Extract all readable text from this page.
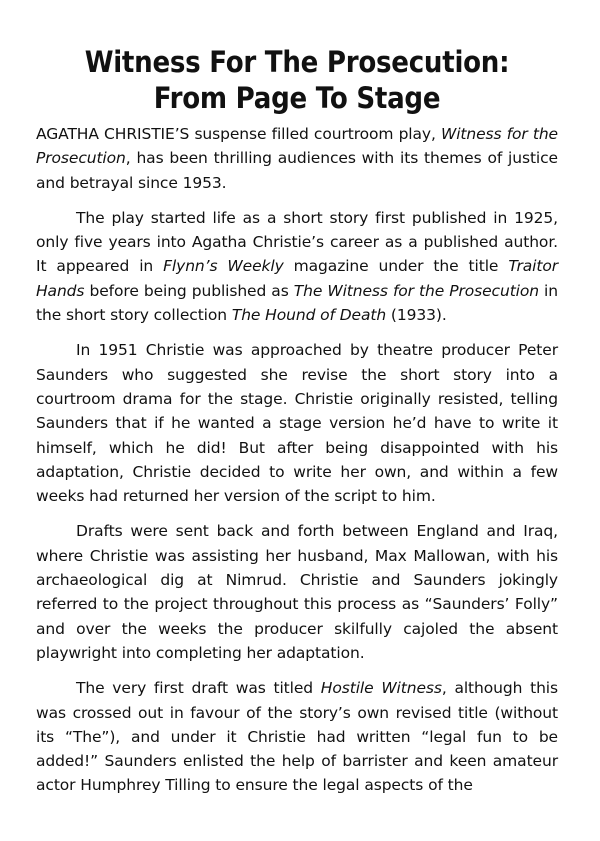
Witness For The Prosecution:
From Page To Stage

AGATHA CHRISTIE’S suspense filled courtroom play, Witness for the Prosecution, has been thrilling audiences with its themes of justice and betrayal since 1953.

The play started life as a short story first published in 1925, only five years into Agatha Christie’s career as a published author. It appeared in Flynn’s Weekly magazine under the title Traitor Hands before being published as The Witness for the Prosecution in the short story collection The Hound of Death (1933).

In 1951 Christie was approached by theatre producer Peter Saunders who suggested she revise the short story into a courtroom drama for the stage. Christie originally resisted, telling Saunders that if he wanted a stage version he’d have to write it himself, which he did! But after being disappointed with his adaptation, Christie decided to write her own, and within a few weeks had returned her version of the script to him.

Drafts were sent back and forth between England and Iraq, where Christie was assisting her husband, Max Mallowan, with his archaeological dig at Nimrud. Christie and Saunders jokingly referred to the project throughout this process as “Saunders’ Folly” and over the weeks the producer skilfully cajoled the absent playwright into completing her adaptation.

The very first draft was titled Hostile Witness, although this was crossed out in favour of the story’s own revised title (without its “The”), and under it Christie had written “legal fun to be added!” Saunders enlisted the help of barrister and keen amateur actor Humphrey Tilling to ensure the legal aspects of the
